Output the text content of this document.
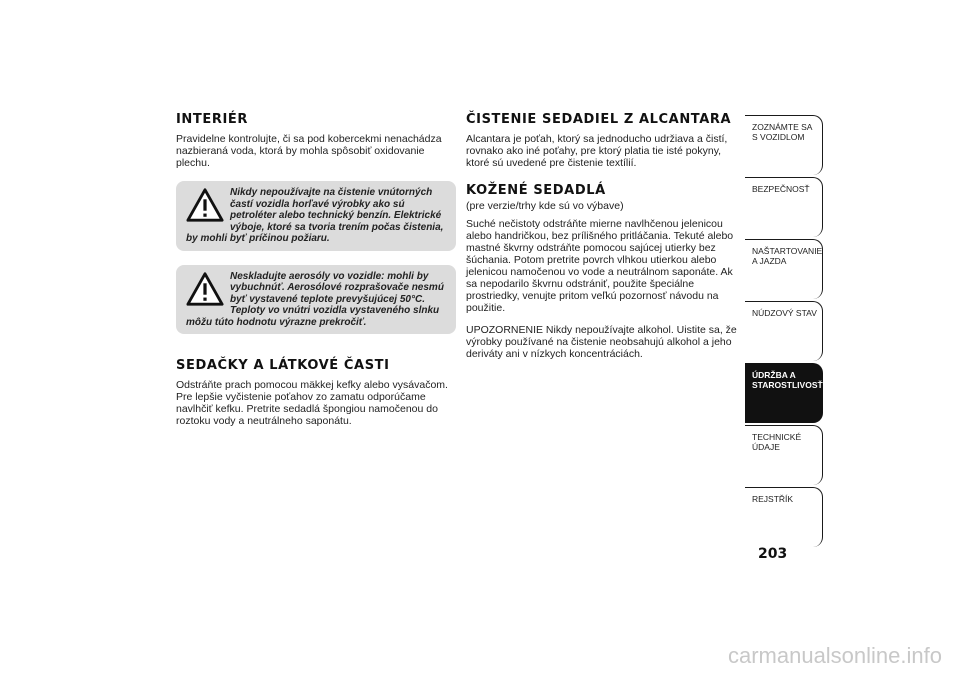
INTERIÉR

Pravidelne kontrolujte, či sa pod kobercekmi nenachádza nazbieraná voda, ktorá by mohla spôsobiť oxidovanie plechu.

Nikdy nepoužívajte na čistenie vnútorných častí vozidla horľavé výrobky ako sú petroléter alebo technický benzín. Elektrické výboje, ktoré sa tvoria trením počas čistenia, by mohli byť príčinou požiaru.
Neskladujte aerosóly vo vozidle: mohli by vybuchnúť. Aerosólové rozprašovače nesmú byť vystavené teplote prevyšujúcej 50°C. Teploty vo vnútri vozidla vystaveného slnku môžu túto hodnotu výrazne prekročiť.
SEDAČKY A LÁTKOVÉ ČASTI

Odstráňte prach pomocou mäkkej kefky alebo vysávačom. Pre lepšie vyčistenie poťahov zo zamatu odporúčame navlhčiť kefku. Pretrite sedadlá špongiou namočenou do roztoku vody a neutrálneho saponátu.

ČISTENIE SEDADIEL Z ALCANTARA

Alcantara je poťah, ktorý sa jednoducho udržiava a čistí, rovnako ako iné poťahy, pre ktorý platia tie isté pokyny, ktoré sú uvedené pre čistenie textílií.

KOŽENÉ SEDADLÁ

(pre verzie/trhy kde sú vo výbave)

Suché nečistoty odstráňte mierne navlhčenou jelenicou alebo handričkou, bez prílišného pritláčania. Tekuté alebo mastné škvrny odstráňte pomocou sajúcej utierky bez šúchania. Potom pretrite povrch vlhkou utierkou alebo jelenicou namočenou vo vode a neutrálnom saponáte. Ak sa nepodarilo škvrnu odstrániť, použite špeciálne prostriedky, venujte pritom veľkú pozornosť návodu na použitie.

UPOZORNENIE Nikdy nepoužívajte alkohol. Uistite sa, že výrobky používané na čistenie neobsahujú alkohol a jeho deriváty ani v nízkych koncentráciách.

ZOZNÁMTE SA S VOZIDLOM
BEZPEČNOSŤ
NAŠTARTOVANIE A JAZDA
NÚDZOVÝ STAV
ÚDRŽBA A STAROSTLIVOSŤ
TECHNICKÉ ÚDAJE
REJSTŘÍK
203
carmanualsonline.info
